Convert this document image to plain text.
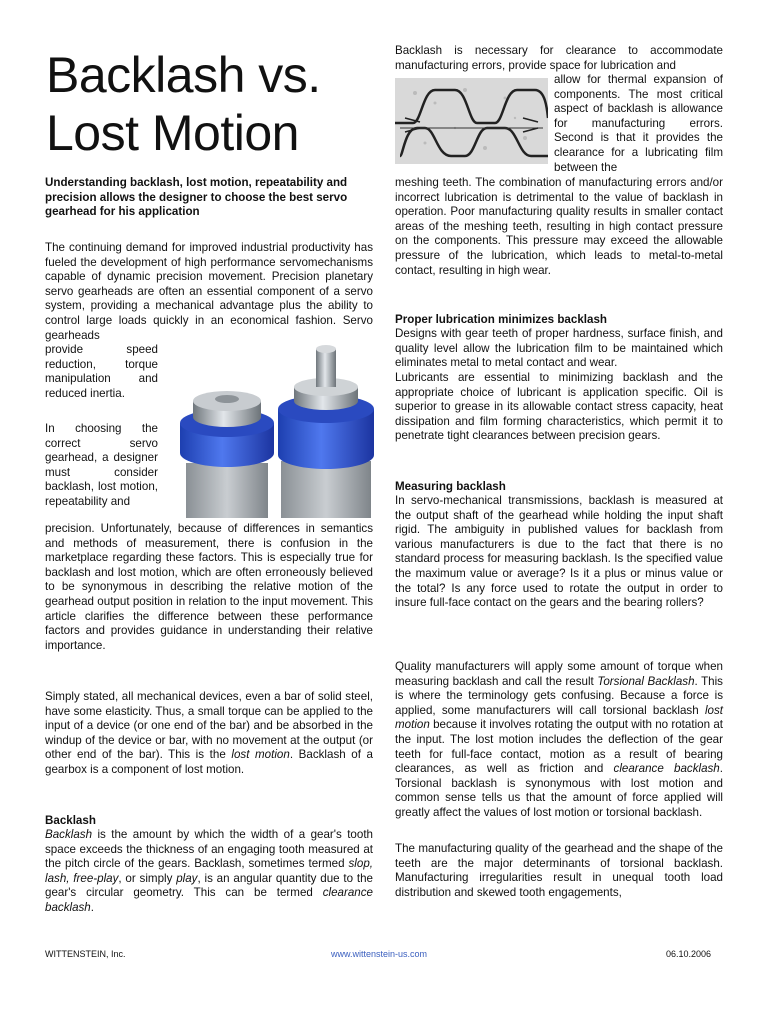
Backlash vs.
Lost Motion

Understanding backlash, lost motion, repeatability and precision allows the designer to choose the best servo gearhead for his application

The continuing demand for improved industrial productivity has fueled the development of high performance servomechanisms capable of dynamic precision movement. Precision planetary servo gearheads are often an essential component of a servo system, providing a mechanical advantage plus the ability to control large loads quickly in an economical fashion. Servo gearheads

provide speed reduction, torque manipulation and reduced inertia.

In choosing the correct servo gearhead, a designer must consider backlash, lost motion, repeatability and

precision. Unfortunately, because of differences in semantics and methods of measurement, there is confusion in the marketplace regarding these factors. This is especially true for backlash and lost motion, which are often erroneously believed to be synonymous in describing the relative motion of the gearhead output position in relation to the input movement. This article clarifies the difference between these performance factors and provides guidance in understanding their relative importance.

Simply stated, all mechanical devices, even a bar of solid steel, have some elasticity. Thus, a small torque can be applied to the input of a device (or one end of the bar) and be absorbed in the windup of the device or bar, with no movement at the output (or other end of the bar). This is the lost motion. Backlash of a gearbox is a component of lost motion.

Backlash

Backlash is the amount by which the width of a gear's tooth space exceeds the thickness of an engaging tooth measured at the pitch circle of the gears. Backlash, sometimes termed slop, lash, free-play, or simply play, is an angular quantity due to the gear's circular geometry. This can be termed clearance backlash.

Backlash is necessary for clearance to accommodate manufacturing errors, provide space for lubrication and

allow for thermal expansion of components. The most critical aspect of backlash is allowance for manufacturing errors. Second is that it provides the clearance for a lubricating film between the

meshing teeth. The combination of manufacturing errors and/or incorrect lubrication is detrimental to the value of backlash in operation. Poor manufacturing quality results in smaller contact areas of the meshing teeth, resulting in high contact pressure on the components. This pressure may exceed the allowable pressure of the lubrication, which leads to metal-to-metal contact, resulting in high wear.

Proper lubrication minimizes backlash

Designs with gear teeth of proper hardness, surface finish, and quality level allow the lubrication film to be maintained which eliminates metal to metal contact and wear.

Lubricants are essential to minimizing backlash and the appropriate choice of lubricant is application specific. Oil is superior to grease in its allowable contact stress capacity, heat dissipation and film forming characteristics, which permit it to penetrate tight clearances between precision gears.

Measuring backlash

In servo-mechanical transmissions, backlash is measured at the output shaft of the gearhead while holding the input shaft rigid. The ambiguity in published values for backlash from various manufacturers is due to the fact that there is no standard process for measuring backlash. Is the specified value the maximum value or average? Is it a plus or minus value or the total? Is any force used to rotate the output in order to insure full-face contact on the gears and the bearing rollers?

Quality manufacturers will apply some amount of torque when measuring backlash and call the result Torsional Backlash. This is where the terminology gets confusing. Because a force is applied, some manufacturers will call torsional backlash lost motion because it involves rotating the output with no rotation at the input. The lost motion includes the deflection of the gear teeth for full-face contact, motion as a result of bearing clearances, as well as friction and clearance backlash. Torsional backlash is synonymous with lost motion and common sense tells us that the amount of force applied will greatly affect the values of lost motion or torsional backlash.

The manufacturing quality of the gearhead and the shape of the teeth are the major determinants of torsional backlash. Manufacturing irregularities result in unequal tooth load distribution and skewed tooth engagements,

WITTENSTEIN, Inc.	www.wittenstein-us.com	06.10.2006
